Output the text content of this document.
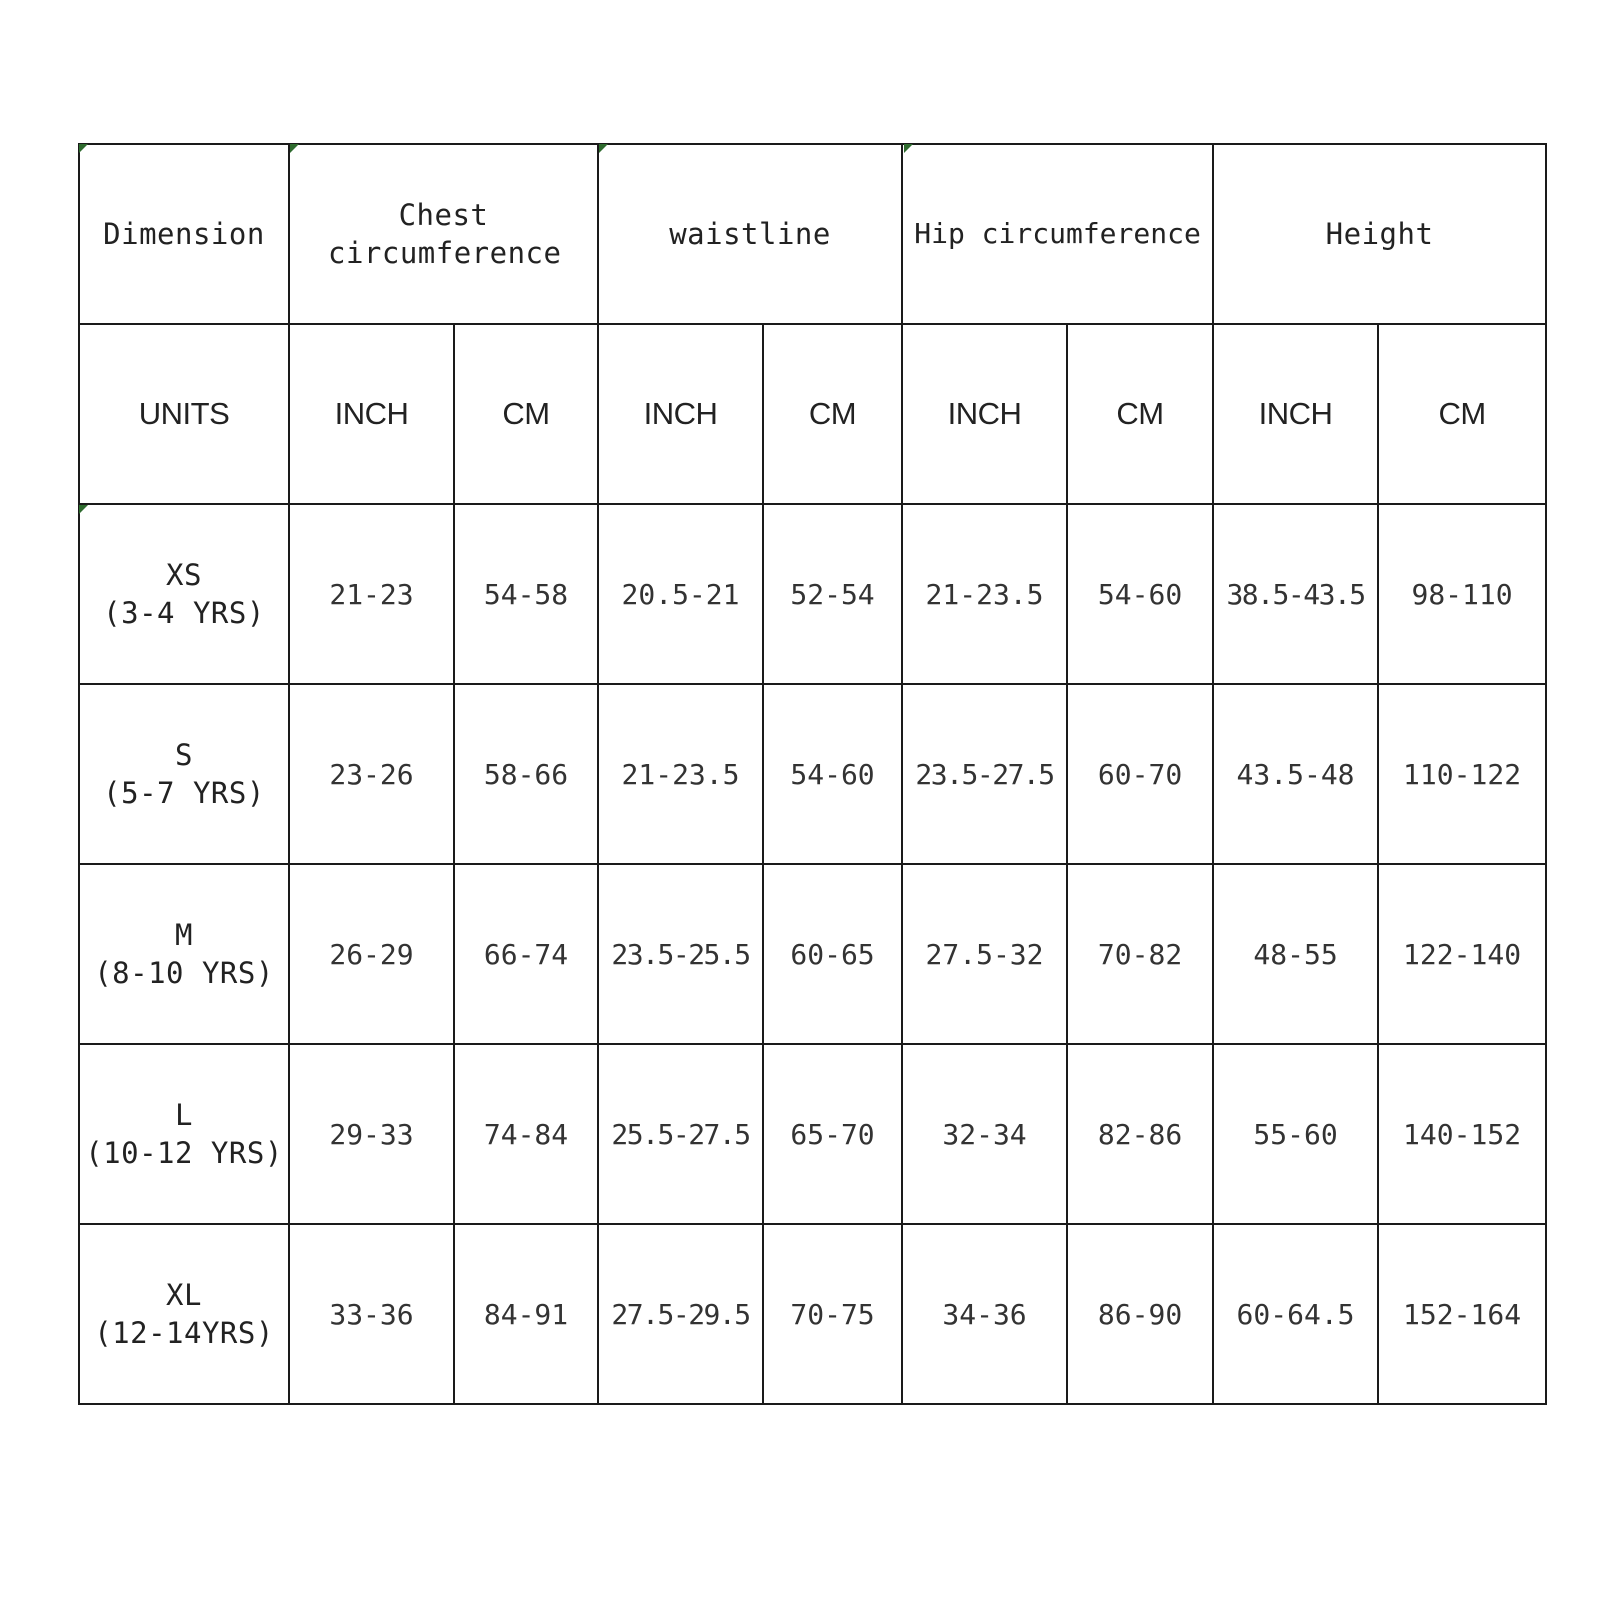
Dimension	Chest circumference		waistline		Hip circumference		Height	
UNITS	INCH	CM	INCH	CM	INCH	CM	INCH	CM

XS
(3-4 YRS)	21-23	54-58	20.5-21	52-54	21-23.5	54-60	38.5-43.5	98-110

S
(5-7 YRS)	23-26	58-66	21-23.5	54-60	23.5-27.5	60-70	43.5-48	110-122

M
(8-10 YRS)	26-29	66-74	23.5-25.5	60-65	27.5-32	70-82	48-55	122-140

L
(10-12 YRS)	29-33	74-84	25.5-27.5	65-70	32-34	82-86	55-60	140-152

XL
(12-14YRS)	33-36	84-91	27.5-29.5	70-75	34-36	86-90	60-64.5	152-164
